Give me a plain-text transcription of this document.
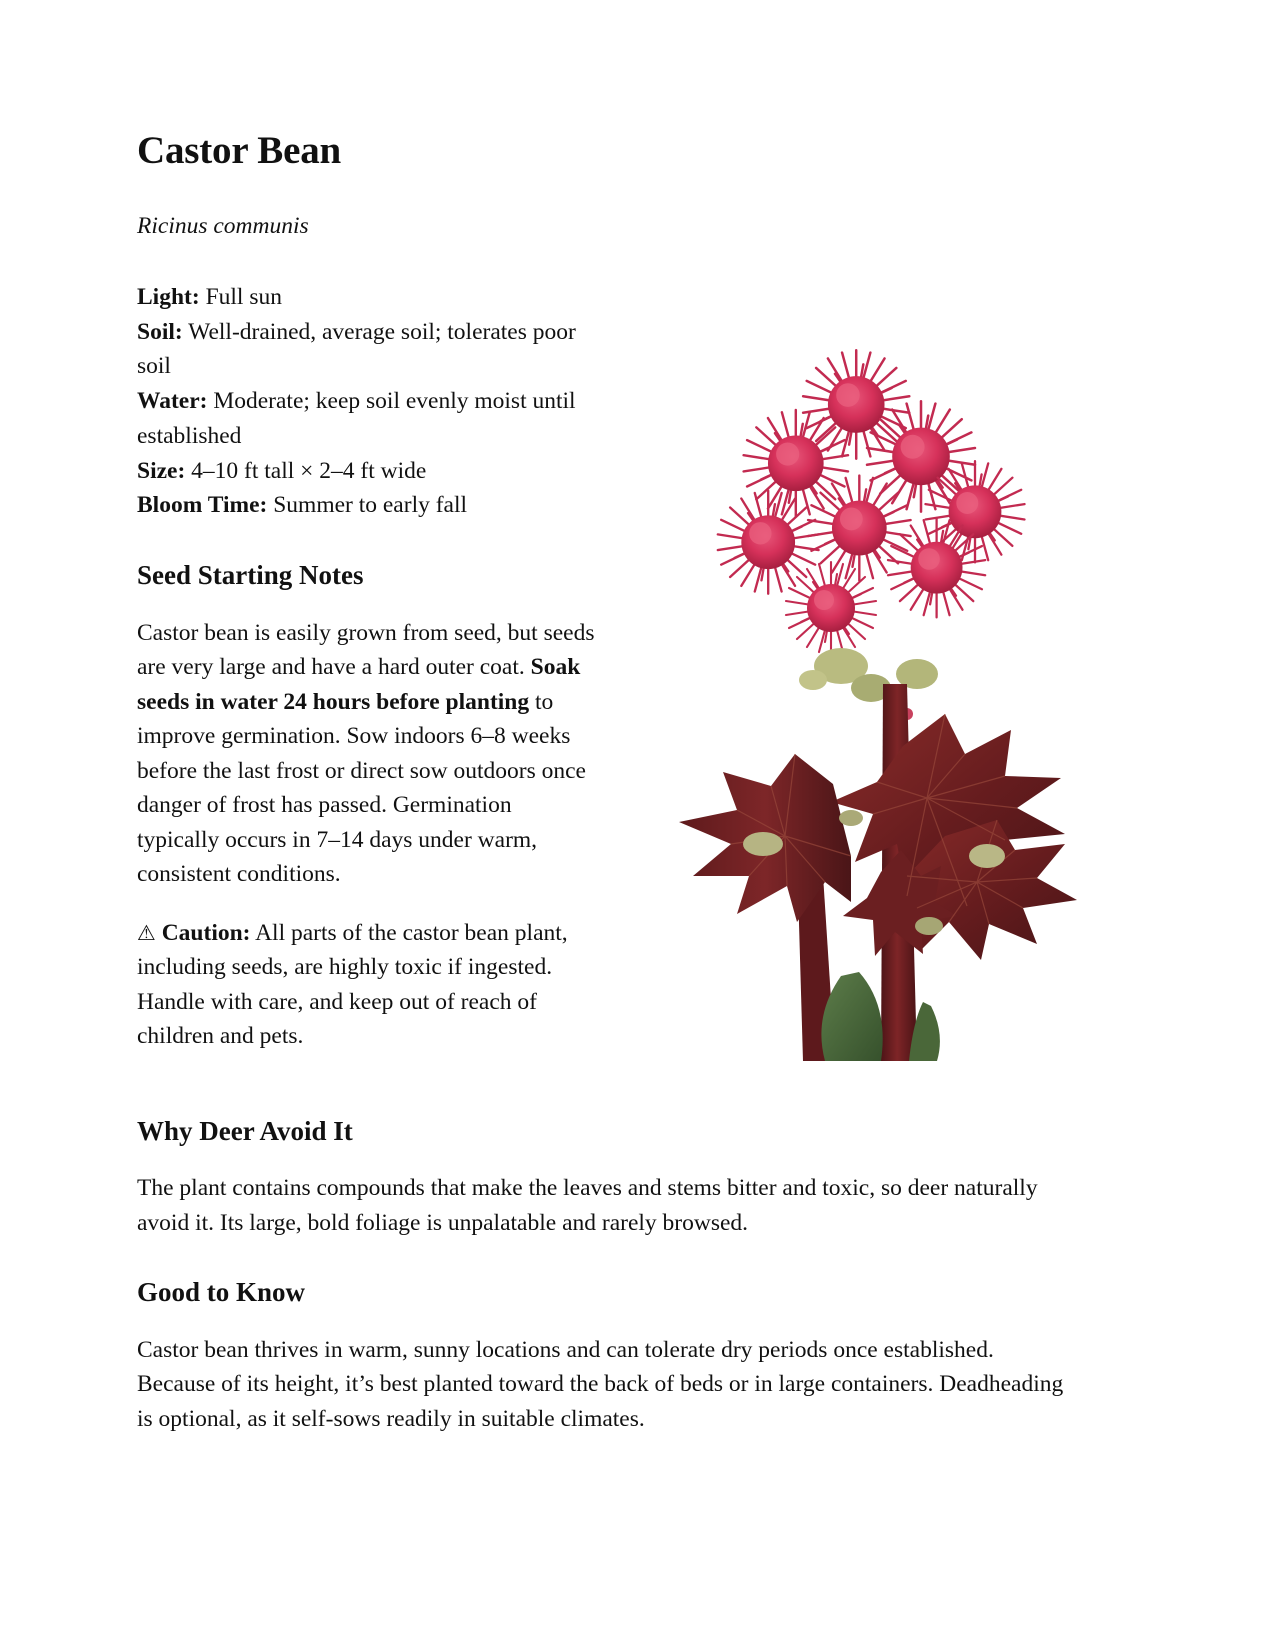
Castor Bean

Ricinus communis

Light: Full sun
Soil: Well-drained, average soil; tolerates poor soil
Water: Moderate; keep soil evenly moist until established
Size: 4–10 ft tall × 2–4 ft wide
Bloom Time: Summer to early fall

Seed Starting Notes

Castor bean is easily grown from seed, but seeds are very large and have a hard outer coat. Soak seeds in water 24 hours before planting to improve germination. Sow indoors 6–8 weeks before the last frost or direct sow outdoors once danger of frost has passed. Germination typically occurs in 7–14 days under warm, consistent conditions.

⚠ Caution: All parts of the castor bean plant, including seeds, are highly toxic if ingested. Handle with care, and keep out of reach of children and pets.

Why Deer Avoid It

The plant contains compounds that make the leaves and stems bitter and toxic, so deer naturally avoid it. Its large, bold foliage is unpalatable and rarely browsed.

Good to Know

Castor bean thrives in warm, sunny locations and can tolerate dry periods once established. Because of its height, it’s best planted toward the back of beds or in large containers. Deadheading is optional, as it self-sows readily in suitable climates.
